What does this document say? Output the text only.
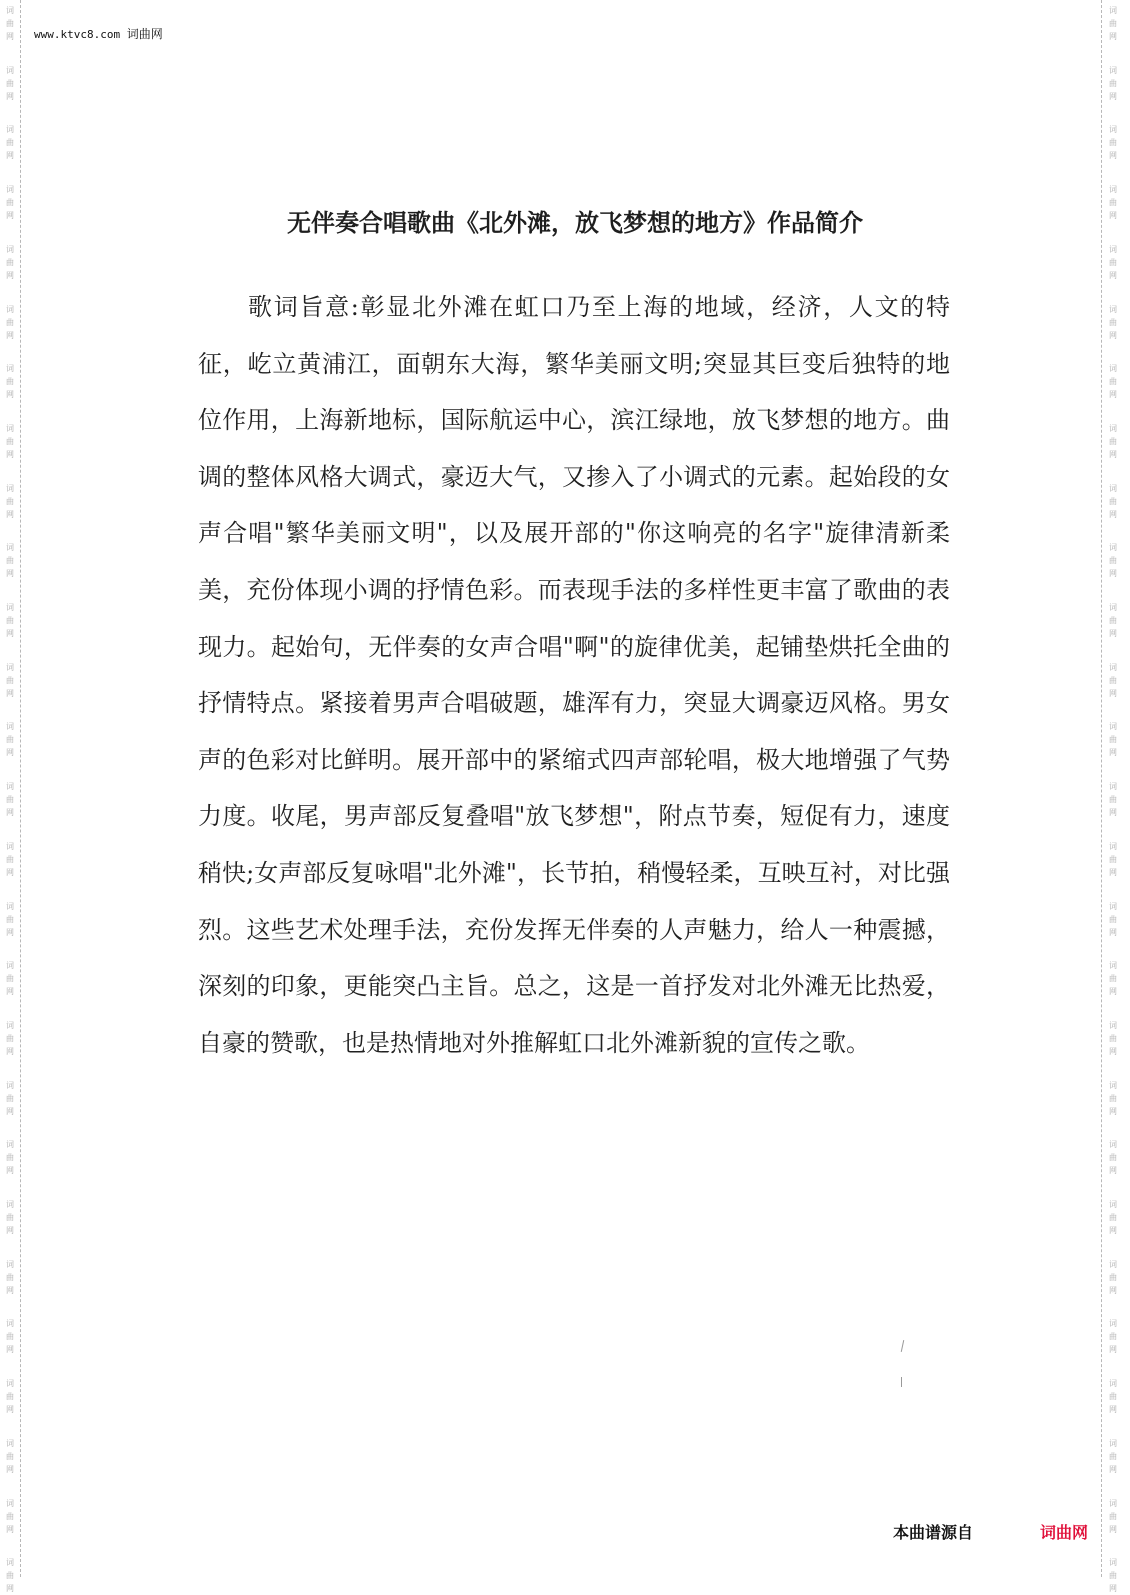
词
曲
网
词
曲
网
词
曲
网
词
曲
网
词
曲
网
词
曲
网
词
曲
网
词
曲
网
词
曲
网
词
曲
网
词
曲
网
词
曲
网
词
曲
网
词
曲
网
词
曲
网
词
曲
网
词
曲
网
词
曲
网
词
曲
网
词
曲
网
词
曲
网
词
曲
网
词
曲
网
词
曲
网
词
曲
网
词
曲
网
词
曲
网
词
曲
网
词
曲
网
词
曲
网
词
曲
网
词
曲
网
词
曲
网
词
曲
网
词
曲
网
词
曲
网
词
曲
网
词
曲
网
词
曲
网
词
曲
网
词
曲
网
词
曲
网
词
曲
网
词
曲
网
词
曲
网
词
曲
网
词
曲
网
词
曲
网
词
曲
网
词
曲
网
词
曲
网
词
曲
网
词
曲
网
词
曲
网
www.ktvc8.com 词曲网
无伴奏合唱歌曲《北外滩，放飞梦想的地方》作品简介

歌词旨意:彰显北外滩在虹口乃至上海的地域，经济，人文的特征，屹立黄浦江，面朝东大海，繁华美丽文明;突显其巨变后独特的地位作用，上海新地标，国际航运中心，滨江绿地，放飞梦想的地方。曲调的整体风格大调式，豪迈大气，又掺入了小调式的元素。起始段的女声合唱"繁华美丽文明"，以及展开部的"你这响亮的名字"旋律清新柔美，充份体现小调的抒情色彩。而表现手法的多样性更丰富了歌曲的表现力。起始句，无伴奏的女声合唱"啊"的旋律优美，起铺垫烘托全曲的抒情特点。紧接着男声合唱破题，雄浑有力，突显大调豪迈风格。男女声的色彩对比鲜明。展开部中的紧缩式四声部轮唱，极大地增强了气势力度。收尾，男声部反复叠唱"放飞梦想"，附点节奏，短促有力，速度稍快;女声部反复咏唱"北外滩"，长节拍，稍慢轻柔，互映互衬，对比强烈。这些艺术处理手法，充份发挥无伴奏的人声魅力，给人一种震撼，深刻的印象，更能突凸主旨。总之，这是一首抒发对北外滩无比热爱，自豪的赞歌，也是热情地对外推解虹口北外滩新貌的宣传之歌。

本曲谱源自	词曲网
